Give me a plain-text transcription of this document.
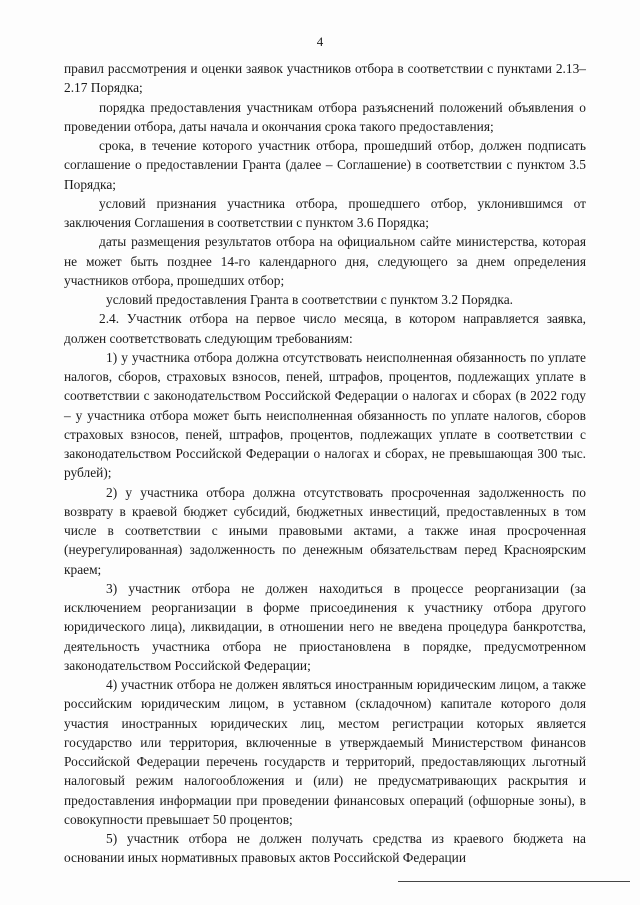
4

правил рассмотрения и оценки заявок участников отбора в соответствии с пунктами 2.13–2.17 Порядка;

порядка предоставления участникам отбора разъяснений положений объявления о проведении отбора, даты начала и окончания срока такого предоставления;

срока, в течение которого участник отбора, прошедший отбор, должен подписать соглашение о предоставлении Гранта (далее – Соглашение) в соответствии с пунктом 3.5 Порядка;

условий признания участника отбора, прошедшего отбор, уклонившимся от заключения Соглашения в соответствии с пунктом 3.6 Порядка;

даты размещения результатов отбора на официальном сайте министерства, которая не может быть позднее 14-го календарного дня, следующего за днем определения участников отбора, прошедших отбор;

условий предоставления Гранта в соответствии с пунктом 3.2 Порядка.

2.4. Участник отбора на первое число месяца, в котором направляется заявка, должен соответствовать следующим требованиям:

1) у участника отбора должна отсутствовать неисполненная обязанность по уплате налогов, сборов, страховых взносов, пеней, штрафов, процентов, подлежащих уплате в соответствии с законодательством Российской Федерации о налогах и сборах (в 2022 году – у участника отбора может быть неисполненная обязанность по уплате налогов, сборов страховых взносов, пеней, штрафов, процентов, подлежащих уплате в соответствии с законодательством Российской Федерации о налогах и сборах, не превышающая 300 тыс. рублей);

2) у участника отбора должна отсутствовать просроченная задолженность по возврату в краевой бюджет субсидий, бюджетных инвестиций, предоставленных в том числе в соответствии с иными правовыми актами, а также иная просроченная (неурегулированная) задолженность по денежным обязательствам перед Красноярским краем;

3) участник отбора не должен находиться в процессе реорганизации (за исключением реорганизации в форме присоединения к участнику отбора другого юридического лица), ликвидации, в отношении него не введена процедура банкротства, деятельность участника отбора не приостановлена в порядке, предусмотренном законодательством Российской Федерации;

4) участник отбора не должен являться иностранным юридическим лицом, а также российским юридическим лицом, в уставном (складочном) капитале которого доля участия иностранных юридических лиц, местом регистрации которых является государство или территория, включенные в утверждаемый Министерством финансов Российской Федерации перечень государств и территорий, предоставляющих льготный налоговый режим налогообложения и (или) не предусматривающих раскрытия и предоставления информации при проведении финансовых операций (офшорные зоны), в совокупности превышает 50 процентов;

5) участник отбора не должен получать средства из краевого бюджета на основании иных нормативных правовых актов Российской Федерации
